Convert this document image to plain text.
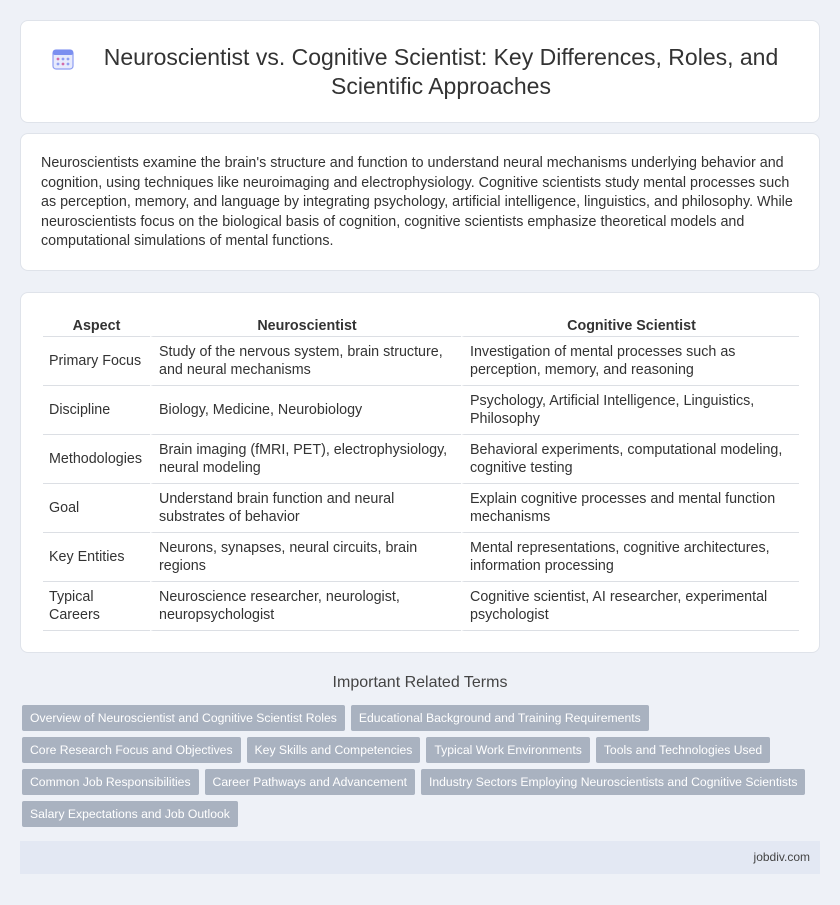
Neuroscientist vs. Cognitive Scientist: Key Differences, Roles, and Scientific Approaches

Neuroscientists examine the brain's structure and function to understand neural mechanisms underlying behavior and cognition, using techniques like neuroimaging and electrophysiology. Cognitive scientists study mental processes such as perception, memory, and language by integrating psychology, artificial intelligence, linguistics, and philosophy. While neuroscientists focus on the biological basis of cognition, cognitive scientists emphasize theoretical models and computational simulations of mental functions.

Aspect	Neuroscientist	Cognitive Scientist
Primary Focus	Study of the nervous system, brain structure, and neural mechanisms	Investigation of mental processes such as perception, memory, and reasoning
Discipline	Biology, Medicine, Neurobiology	Psychology, Artificial Intelligence, Linguistics, Philosophy
Methodologies	Brain imaging (fMRI, PET), electrophysiology, neural modeling	Behavioral experiments, computational modeling, cognitive testing
Goal	Understand brain function and neural substrates of behavior	Explain cognitive processes and mental function mechanisms
Key Entities	Neurons, synapses, neural circuits, brain regions	Mental representations, cognitive architectures, information processing
Typical Careers	Neuroscience researcher, neurologist, neuropsychologist	Cognitive scientist, AI researcher, experimental psychologist
Important Related Terms
Overview of Neuroscientist and Cognitive Scientist Roles	Educational Background and Training Requirements
Core Research Focus and Objectives	Key Skills and Competencies	Typical Work Environments	Tools and Technologies Used
Common Job Responsibilities	Career Pathways and Advancement	Industry Sectors Employing Neuroscientists and Cognitive Scientists
Salary Expectations and Job Outlook
jobdiv.com
